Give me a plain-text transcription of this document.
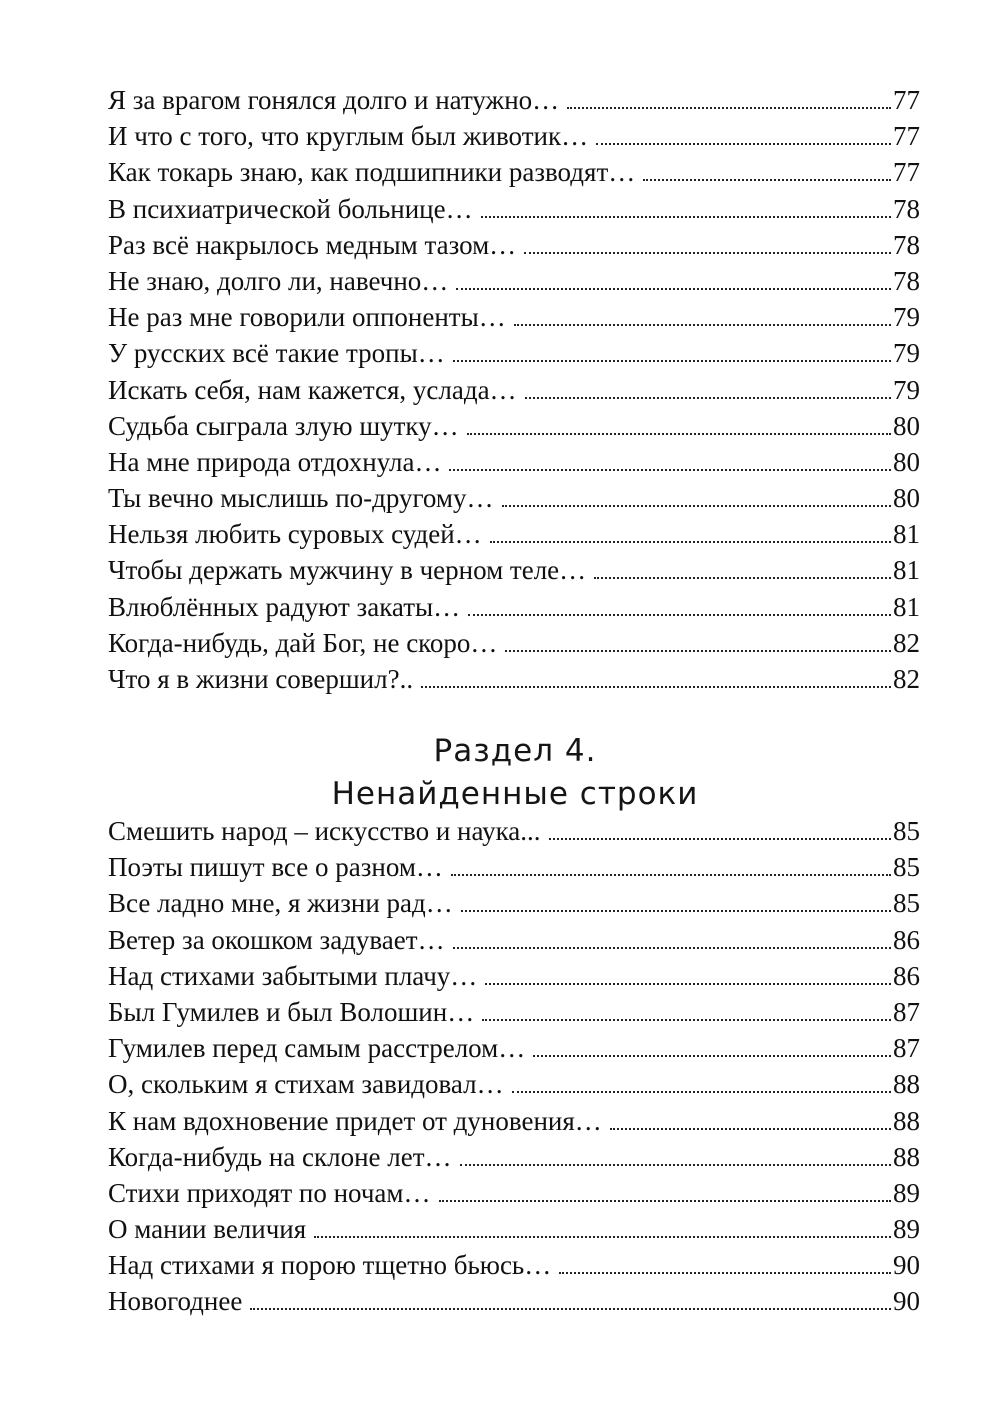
Я за врагом гонялся долго и натужно…	77
И что с того, что круглым был животик…	77
Как токарь знаю, как подшипники разводят…	77
В психиатрической больнице…	78
Раз всё накрылось медным тазом…	78
Не знаю, долго ли, навечно…	78
Не раз мне говорили оппоненты…	79
У русских всё такие тропы…	79
Искать себя, нам кажется, услада…	79
Судьба сыграла злую шутку…	80
На мне природа отдохнула…	80
Ты вечно мыслишь по-другому…	80
Нельзя любить суровых судей…	81
Чтобы держать мужчину в черном теле…	81
Влюблённых радуют закаты…	81
Когда-нибудь, дай Бог, не скоро…	82
Что я в жизни совершил?..	82
Раздел 4.
Ненайденные строки
Смешить народ – искусство и наука...	85
Поэты пишут все о разном…	85
Все ладно мне, я жизни рад…	85
Ветер за окошком задувает…	86
Над стихами забытыми плачу…	86
Был Гумилев и был Волошин…	87
Гумилев перед самым расстрелом…	87
О, скольким я стихам завидовал…	88
К нам вдохновение придет от дуновения…	88
Когда-нибудь на склоне лет…	88
Стихи приходят по ночам…	89
О мании величия	89
Над стихами я порою тщетно бьюсь…	90
Новогоднее	90
